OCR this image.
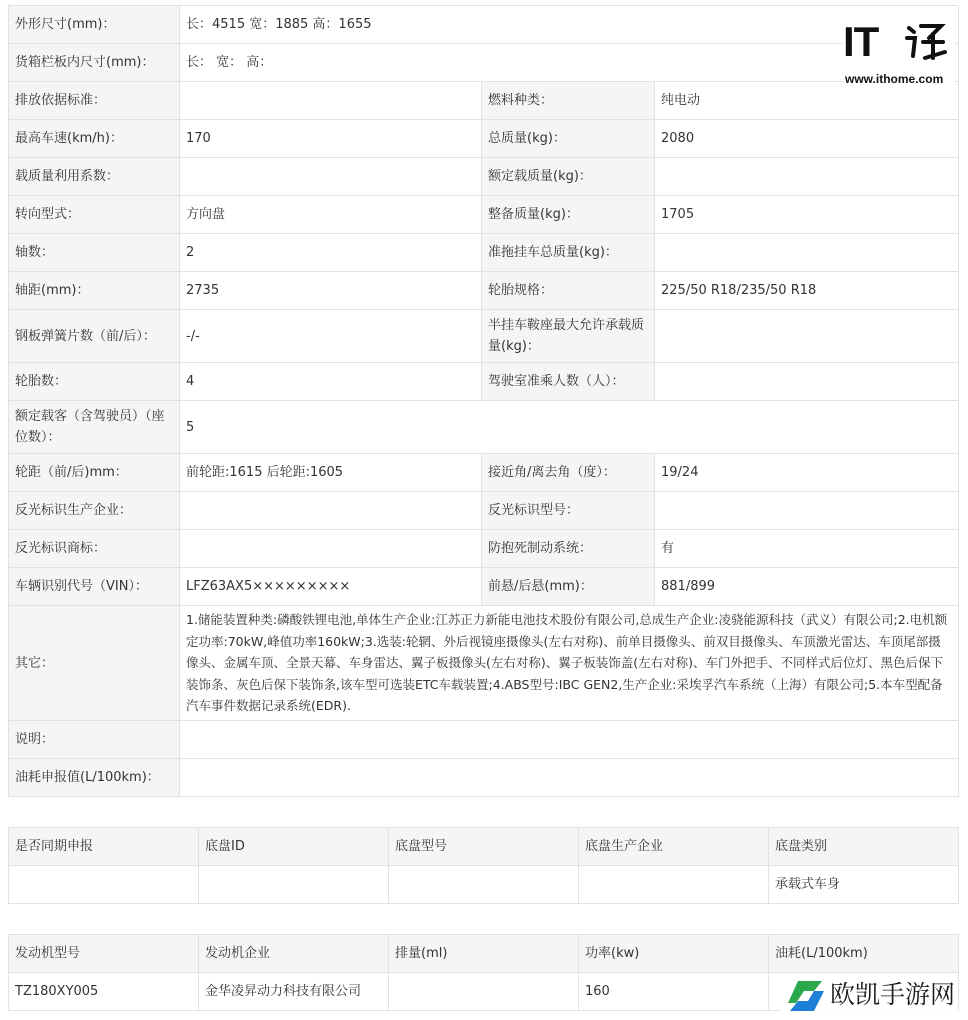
外形尺寸(mm)：	长：4515 宽：1885 高：1655		
货箱栏板内尺寸(mm)：	长： 宽： 高：		
排放依据标准：		燃料种类：	纯电动
最高车速(km/h)：	170	总质量(kg)：	2080
载质量利用系数：		额定载质量(kg)：	
转向型式：	方向盘	整备质量(kg)：	1705
轴数：	2	准拖挂车总质量(kg)：	
轴距(mm)：	2735	轮胎规格：	225/50 R18/235/50 R18
钢板弹簧片数（前/后）：	-/-	半挂车鞍座最大允许承载质量(kg)：	
轮胎数：	4	驾驶室准乘人数（人）：	
额定载客（含驾驶员）（座位数）：	5		
轮距（前/后)mm：	前轮距:1615 后轮距:1605	接近角/离去角（度）：	19/24
反光标识生产企业：		反光标识型号：	
反光标识商标：		防抱死制动系统：	有
车辆识别代号（VIN）：	LFZ63AX5×××××××××	前悬/后悬(mm)：	881/899
其它：	1.储能装置种类:磷酸铁锂电池,单体生产企业:江苏正力新能电池技术股份有限公司,总成生产企业:凌骁能源科技（武义）有限公司;2.电机额定功率:70kW,峰值功率160kW;3.选装:轮辋、外后视镜座摄像头(左右对称)、前单目摄像头、前双目摄像头、车顶激光雷达、车顶尾部摄像头、金属车顶、全景天幕、车身雷达、翼子板摄像头(左右对称)、翼子板装饰盖(左右对称)、车门外把手、不同样式后位灯、黑色后保下装饰条、灰色后保下装饰条,该车型可选装ETC车载装置;4.ABS型号:IBC GEN2,生产企业:采埃孚汽车系统（上海）有限公司;5.本车型配备汽车事件数据记录系统(EDR).		
说明：			
油耗申报值(L/100km)：			
是否同期申报	底盘ID	底盘型号	底盘生产企业	底盘类别
				承载式车身
发动机型号	发动机企业	排量(ml)	功率(kw)	油耗(L/100km)
TZ180XY005	金华凌昇动力科技有限公司		160	
IT
www.ithome.com
欧凯手游网
